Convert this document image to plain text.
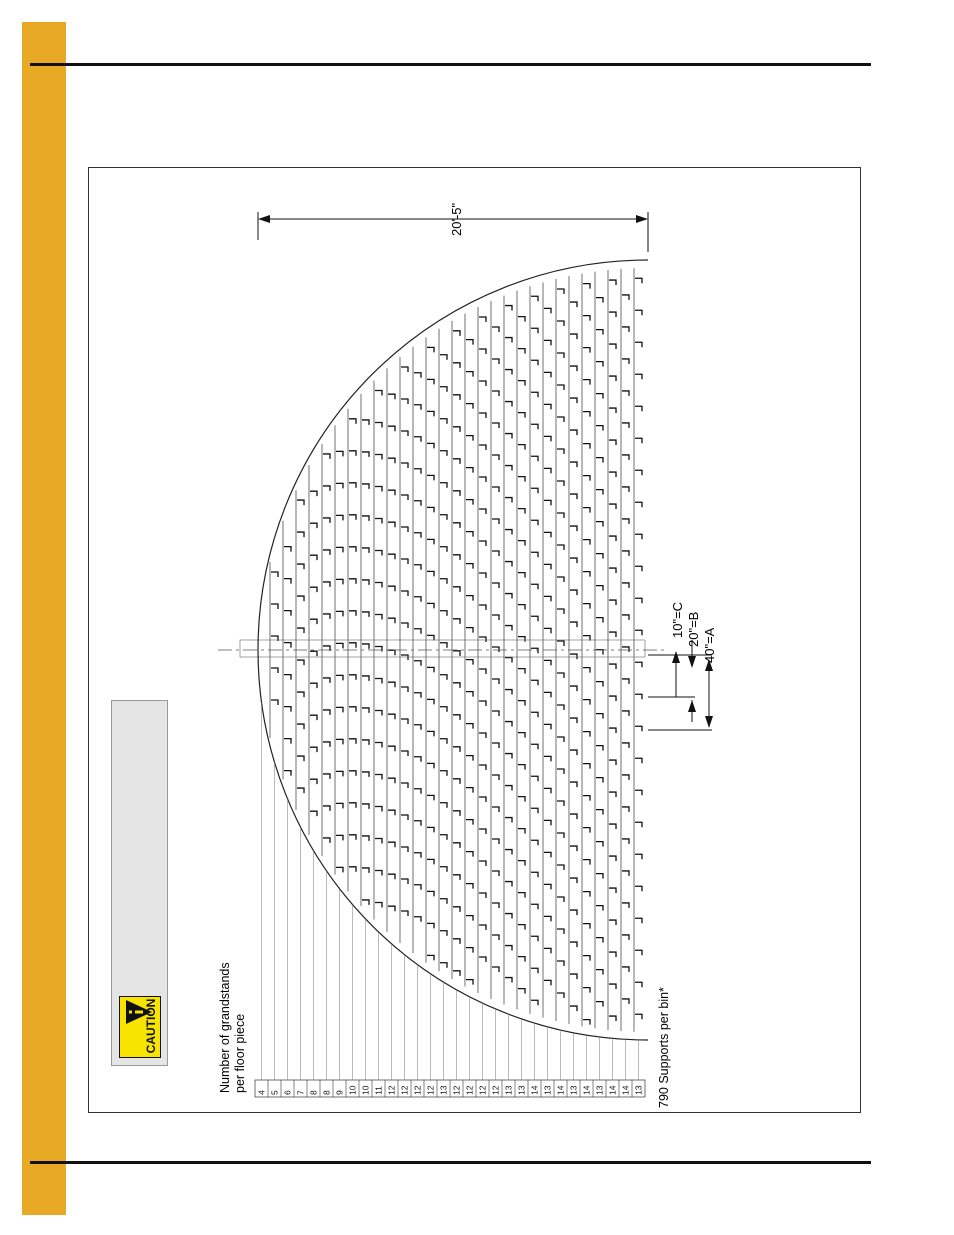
CAUTION
4 5 6 7 8 8 9 10 10 11 12 12 12 12 13 12 12 12 12 13 13 14 13 14 13 14 13 14 14 13
20'-5"
10"=C 20"=B 40"=A
Number of grandstands per floor piece	790 Supports per bin*
